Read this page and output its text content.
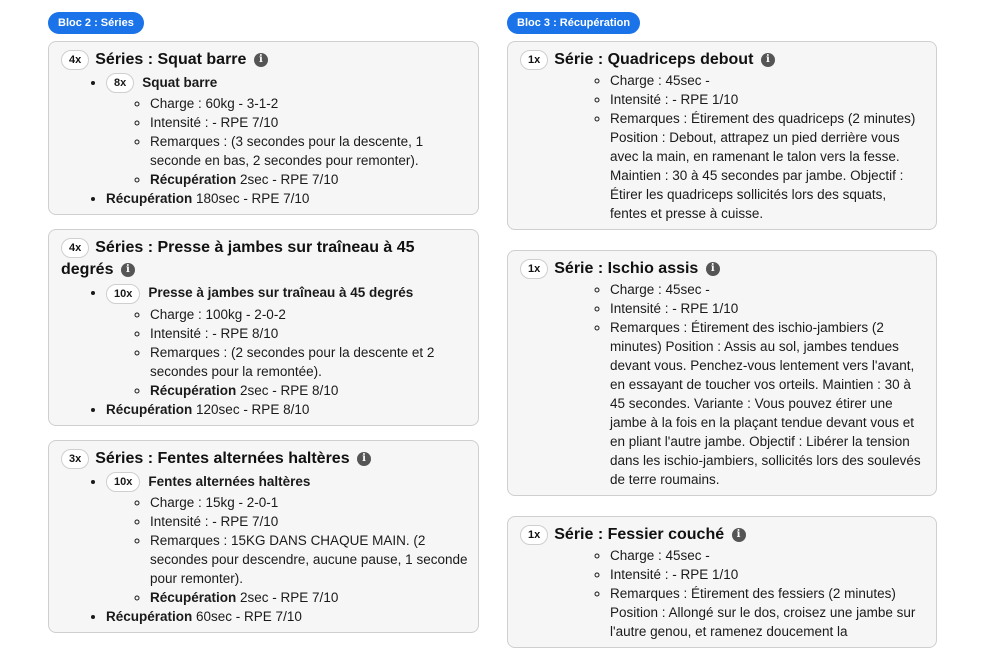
Bloc 2 : Séries
4x Séries : Squat barre i
• 8x Squat barre
◦ Charge : 60kg - 3-1-2
◦ Intensité : - RPE 7/10
◦ Remarques : (3 secondes pour la descente, 1 seconde en bas, 2 secondes pour remonter).
◦ Récupération 2sec - RPE 7/10
• Récupération 180sec - RPE 7/10
4x Séries : Presse à jambes sur traîneau à 45
degrés i
• 10x Presse à jambes sur traîneau à 45 degrés
◦ Charge : 100kg - 2-0-2
◦ Intensité : - RPE 8/10
◦ Remarques : (2 secondes pour la descente et 2 secondes pour la remontée).
◦ Récupération 2sec - RPE 8/10
• Récupération 120sec - RPE 8/10
3x Séries : Fentes alternées haltères i
• 10x Fentes alternées haltères
◦ Charge : 15kg - 2-0-1
◦ Intensité : - RPE 7/10
◦ Remarques : 15KG DANS CHAQUE MAIN. (2 secondes pour descendre, aucune pause, 1 seconde pour remonter).
◦ Récupération 2sec - RPE 7/10
• Récupération 60sec - RPE 7/10
Bloc 3 : Récupération
1x Série : Quadriceps debout i
◦ Charge : 45sec -
◦ Intensité : - RPE 1/10
◦ Remarques : Étirement des quadriceps (2 minutes) Position : Debout, attrapez un pied derrière vous avec la main, en ramenant le talon vers la fesse. Maintien : 30 à 45 secondes par jambe. Objectif : Étirer les quadriceps sollicités lors des squats, fentes et presse à cuisse.
1x Série : Ischio assis i
◦ Charge : 45sec -
◦ Intensité : - RPE 1/10
◦ Remarques : Étirement des ischio-jambiers (2 minutes) Position : Assis au sol, jambes tendues devant vous. Penchez-vous lentement vers l'avant, en essayant de toucher vos orteils. Maintien : 30 à 45 secondes. Variante : Vous pouvez étirer une jambe à la fois en la plaçant tendue devant vous et en pliant l'autre jambe. Objectif : Libérer la tension dans les ischio-jambiers, sollicités lors des soulevés de terre roumains.
1x Série : Fessier couché i
◦ Charge : 45sec -
◦ Intensité : - RPE 1/10
◦ Remarques : Étirement des fessiers (2 minutes) Position : Allongé sur le dos, croisez une jambe sur l'autre genou, et ramenez doucement la
